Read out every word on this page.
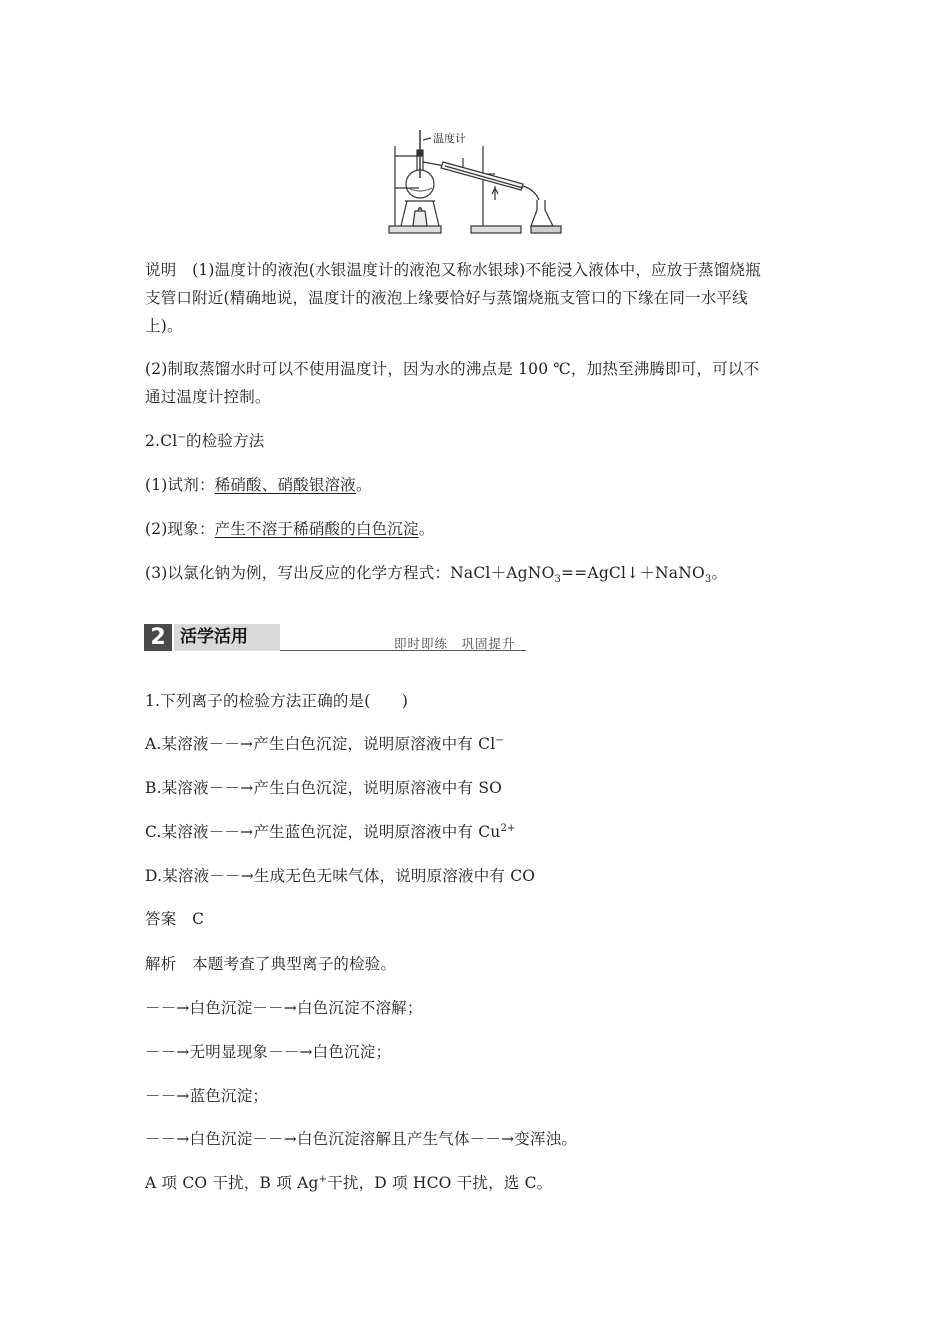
温度计
说明　(1)温度计的液泡(水银温度计的液泡又称水银球)不能浸入液体中，应放于蒸馏烧瓶
支管口附近(精确地说，温度计的液泡上缘要恰好与蒸馏烧瓶支管口的下缘在同一水平线
上)。
(2)制取蒸馏水时可以不使用温度计，因为水的沸点是 100 ℃，加热至沸腾即可，可以不
通过温度计控制。
2.Cl−的检验方法
(1)试剂：稀硝酸、硝酸银溶液。
(2)现象：产生不溶于稀硝酸的白色沉淀。
(3)以氯化钠为例，写出反应的化学方程式：NaCl＋AgNO$_3$==AgCl↓＋NaNO$_3$。
2 活学活用	即时即练　巩固提升
1.下列离子的检验方法正确的是(　　)
A.某溶液－－→产生白色沉淀，说明原溶液中有 Cl−
B.某溶液－－→产生白色沉淀，说明原溶液中有 SO
C.某溶液－－→产生蓝色沉淀，说明原溶液中有 $Cu^{2+}$
D.某溶液－－→生成无色无味气体，说明原溶液中有 CO
答案　C
解析　本题考查了典型离子的检验。
－－→白色沉淀－－→白色沉淀不溶解；
－－→无明显现象－－→白色沉淀；
－－→蓝色沉淀；
－－→白色沉淀－－→白色沉淀溶解且产生气体－－→变浑浊。
A 项 CO 干扰，B 项 Ag+干扰，D 项 HCO 干扰，选 C。
